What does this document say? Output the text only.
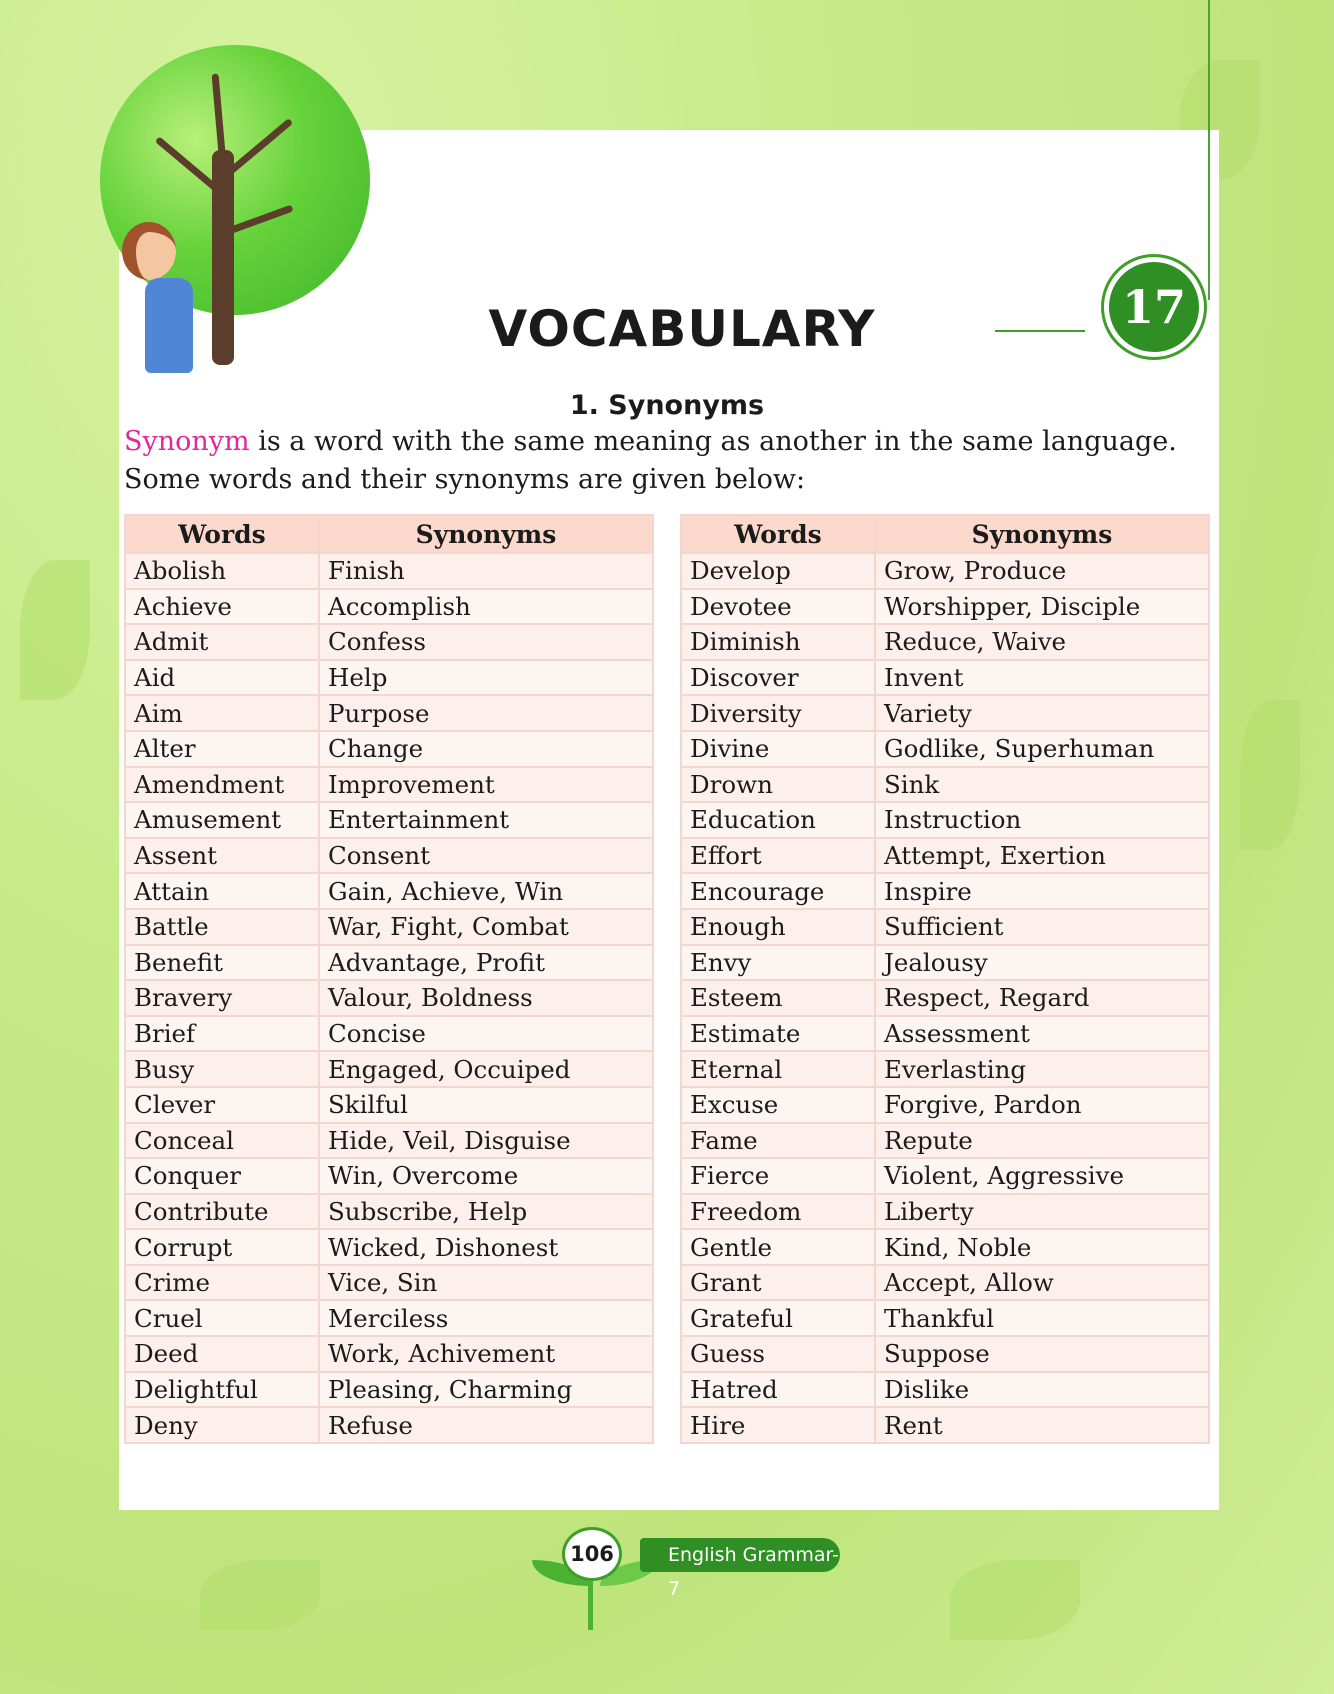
VOCABULARY	17
1. Synonyms
Synonym is a word with the same meaning as another in the same language. Some words and their synonyms are given below:
Words	Synonyms
Abolish	Finish
Achieve	Accomplish
Admit	Confess
Aid	Help
Aim	Purpose
Alter	Change
Amendment	Improvement
Amusement	Entertainment
Assent	Consent
Attain	Gain, Achieve, Win
Battle	War, Fight, Combat
Benefit	Advantage, Profit
Bravery	Valour, Boldness
Brief	Concise
Busy	Engaged, Occuiped
Clever	Skilful
Conceal	Hide, Veil, Disguise
Conquer	Win, Overcome
Contribute	Subscribe, Help
Corrupt	Wicked, Dishonest
Crime	Vice, Sin
Cruel	Merciless
Deed	Work, Achivement
Delightful	Pleasing, Charming
Deny	Refuse
Words	Synonyms
Develop	Grow, Produce
Devotee	Worshipper, Disciple
Diminish	Reduce, Waive
Discover	Invent
Diversity	Variety
Divine	Godlike, Superhuman
Drown	Sink
Education	Instruction
Effort	Attempt, Exertion
Encourage	Inspire
Enough	Sufficient
Envy	Jealousy
Esteem	Respect, Regard
Estimate	Assessment
Eternal	Everlasting
Excuse	Forgive, Pardon
Fame	Repute
Fierce	Violent, Aggressive
Freedom	Liberty
Gentle	Kind, Noble
Grant	Accept, Allow
Grateful	Thankful
Guess	Suppose
Hatred	Dislike
Hire	Rent
English Grammar-7
106
